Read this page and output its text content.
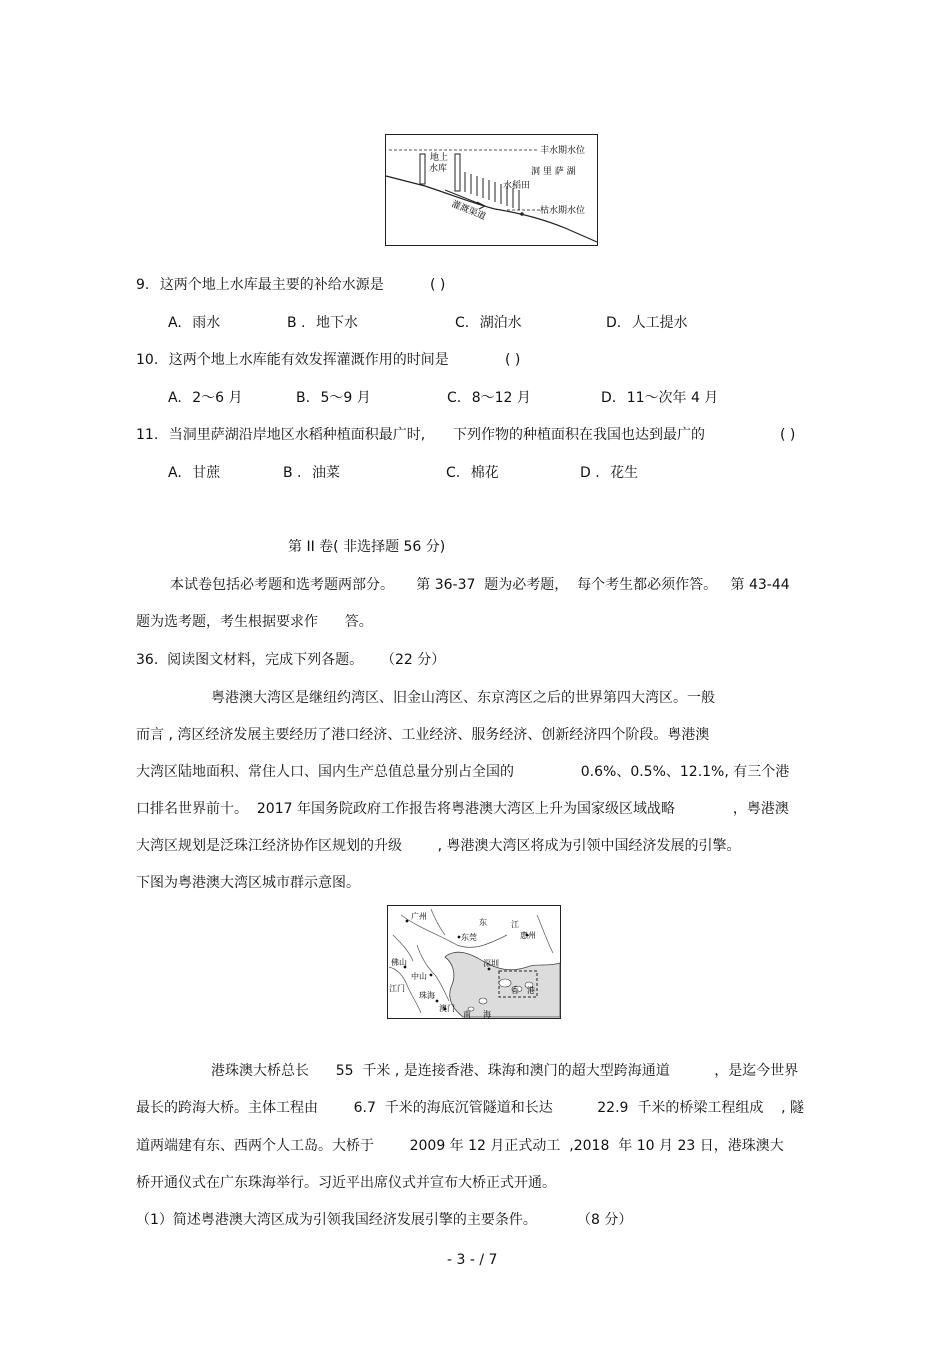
地上
水库
丰水期水位
洞 里 萨 湖
水稻田
灌溉渠道	枯水期水位
9. 这两个地上水库最主要的补给水源是	( )
A. 雨水	B . 地下水	C. 湖泊水	D. 人工提水
10. 这两个地上水库能有效发挥灌溉作用的时间是	( )
A. 2～6 月	B. 5～9 月	C. 8～12 月	D. 11～次年 4 月
11. 当洞里萨湖沿岸地区水稻种植面积最广时, 下列作物的种植面积在我国也达到最广的	( )
A. 甘蔗	B . 油菜	C. 棉花	D . 花生
第 II 卷( 非选择题 56 分)
本试卷包括必考题和选考题两部分。     第 36-37  题为必考题，  每个考生都必须作答。   第 43-44
题为选考题，考生根据要求作      答。
36.  阅读图文材料，完成下列各题。    （22 分）
粤港澳大湾区是继纽约湾区、旧金山湾区、东京湾区之后的世界第四大湾区。一般
而言 , 湾区经济发展主要经历了港口经济、工业经济、服务经济、创新经济四个阶段。粤港澳
大湾区陆地面积、常住人口、国内生产总值总量分别占全国的               0.6%、0.5%、12.1%, 有三个港
口排名世界前十。  2017 年国务院政府工作报告将粤港澳大湾区上升为国家级区域战略             ，粤港澳
大湾区规划是泛珠江经济协作区规划的升级        , 粤港澳大湾区将成为引领中国经济发展的引擎。
下图为粤港澳大湾区城市群示意图。
广州
东	江
惠州
东莞
佛山
中山
深圳
江门
珠海
澳门
香 港
南 海
港珠澳大桥总长      55  千米 , 是连接香港、珠海和澳门的超大型跨海通道          ，是迄今世界
最长的跨海大桥。主体工程由        6.7  千米的海底沉管隧道和长达          22.9  千米的桥梁工程组成    , 隧
道两端建有东、西两个人工岛。大桥于        2009 年 12 月正式动工  ,2018  年 10 月 23 日，港珠澳大
桥开通仪式在广东珠海举行。习近平出席仪式并宣布大桥正式开通。
（1）简述粤港澳大湾区成为引领我国经济发展引擎的主要条件。         （8 分）
- 3 - / 7
